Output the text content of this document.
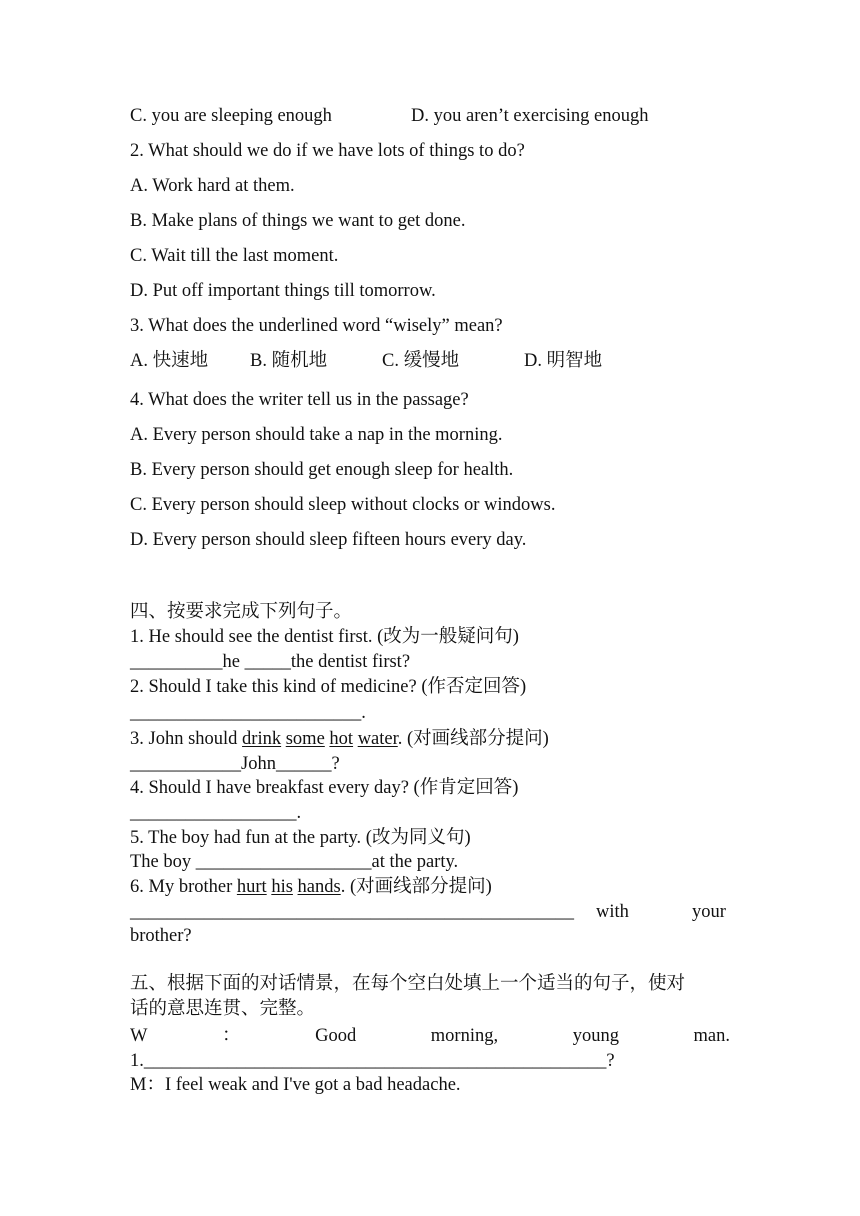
C. you are sleeping enough	D. you aren’t exercising enough
2. What should we do if we have lots of things to do?
A. Work hard at them.
B. Make plans of things we want to get done.
C. Wait till the last moment.
D. Put off important things till tomorrow.
3. What does the underlined word “wisely” mean?
A. 快速地 B. 随机地	C. 缓慢地	D. 明智地
4. What does the writer tell us in the passage?
A. Every person should take a nap in the morning.
B. Every person should get enough sleep for health.
C. Every person should sleep without clocks or windows.
D. Every person should sleep fifteen hours every day.
四、按要求完成下列句子。
1. He should see the dentist first. (改为一般疑问句)
__________he _____the dentist first?
2. Should I take this kind of medicine? (作否定回答)
_________________________.
3. John should drink some hot water. (对画线部分提问)
____________John______?
4. Should I have breakfast every day? (作肯定回答)
__________________.
5. The boy had fun at the party. (改为同义句)
The boy ___________________at the party.
6. My brother hurt his hands. (对画线部分提问)
________________________________________________ with	your
brother?
五、根据下面的对话情景，在每个空白处填上一个适当的句子，使对
话的意思连贯、完整。
W	：	Good	morning,	young	man.
1.__________________________________________________?
M：I feel weak and I've got a bad headache.
